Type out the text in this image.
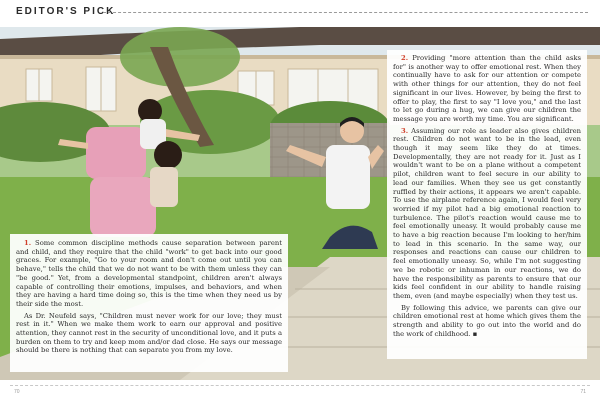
EDITOR'S PICK

1. Some common discipline methods cause separation between parent and child, and they require that the child "work" to get back into our good graces. For example, "Go to your room and don't come out until you can behave," tells the child that we do not want to be with them unless they can "be good." Yet, from a developmental standpoint, children aren't always capable of controlling their emotions, impulses, and behaviors, and when they are having a hard time doing so, this is the time when they need us by their side the most.

As Dr. Neufeld says, "Children must never work for our love; they must rest in it." When we make them work to earn our approval and positive attention, they cannot rest in the security of unconditional love, and it puts a burden on them to try and keep mom and/or dad close. He says our message should be there is nothing that can separate you from my love.

2. Providing "more attention than the child asks for" is another way to offer emotional rest. When they continually have to ask for our attention or compete with other things for our attention, they do not feel significant in our lives. However, by being the first to offer to play, the first to say "I love you," and the last to let go during a hug, we can give our children the message you are worth my time. You are significant.

3. Assuming our role as leader also gives children rest. Children do not want to be in the lead, even though it may seem like they do at times. Developmentally, they are not ready for it. Just as I wouldn't want to be on a plane without a competent pilot, children want to feel secure in our ability to lead our families. When they see us get constantly ruffled by their actions, it appears we aren't capable. To use the airplane reference again, I would feel very worried if my pilot had a big emotional reaction to turbulence. The pilot's reaction would cause me to feel emotionally uneasy. It would probably cause me to have a big reaction because I'm looking to her/him to lead in this scenario. In the same way, our responses and reactions can cause our children to feel emotionally uneasy. So, while I'm not suggesting we be robotic or inhuman in our reactions, we do have the responsibility as parents to ensure that our kids feel confident in our ability to handle raising them, even (and maybe especially) when they test us.

By following this advice, we parents can give our children emotional rest at home which gives them the strength and ability to go out into the world and do the work of childhood. ▪

70	71
